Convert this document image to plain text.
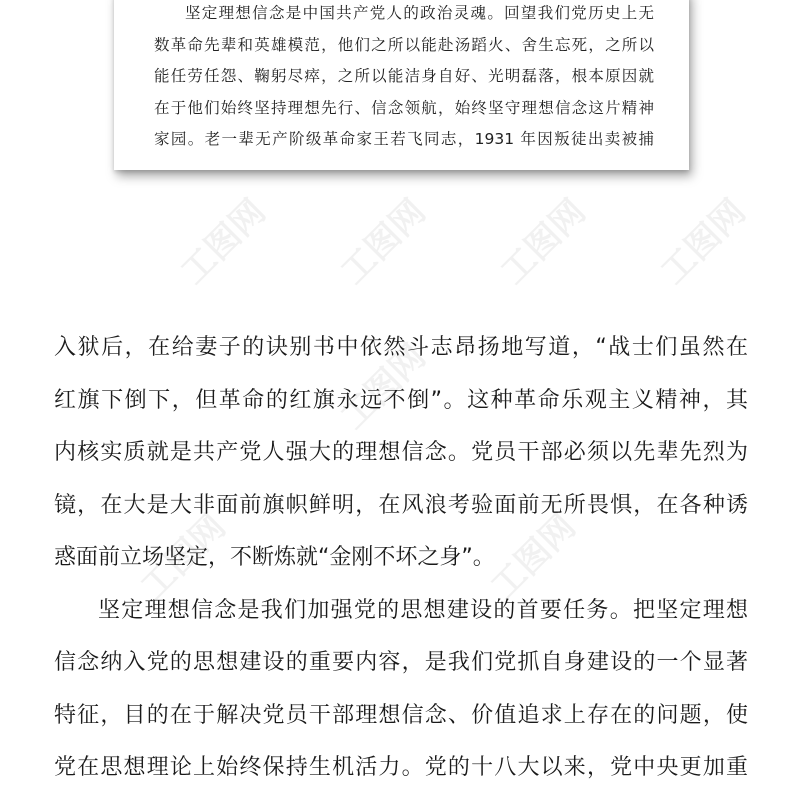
工图网 工图网 工图网 工图网
工图网
工图网	工图网
坚定理想信念是中国共产党人的政治灵魂。回望我们党历史上无
数革命先辈和英雄模范，他们之所以能赴汤蹈火、舍生忘死，之所以
能任劳任怨、鞠躬尽瘁，之所以能洁身自好、光明磊落，根本原因就
在于他们始终坚持理想先行、信念领航，始终坚守理想信念这片精神
家园。老一辈无产阶级革命家王若飞同志，1931 年因叛徒出卖被捕
入狱后，在给妻子的诀别书中依然斗志昂扬地写道，“战士们虽然在
红旗下倒下，但革命的红旗永远不倒”。这种革命乐观主义精神，其
内核实质就是共产党人强大的理想信念。党员干部必须以先辈先烈为
镜，在大是大非面前旗帜鲜明，在风浪考验面前无所畏惧，在各种诱
惑面前立场坚定，不断炼就“金刚不坏之身”。
坚定理想信念是我们加强党的思想建设的首要任务。把坚定理想
信念纳入党的思想建设的重要内容，是我们党抓自身建设的一个显著
特征，目的在于解决党员干部理想信念、价值追求上存在的问题，使
党在思想理论上始终保持生机活力。党的十八大以来，党中央更加重
